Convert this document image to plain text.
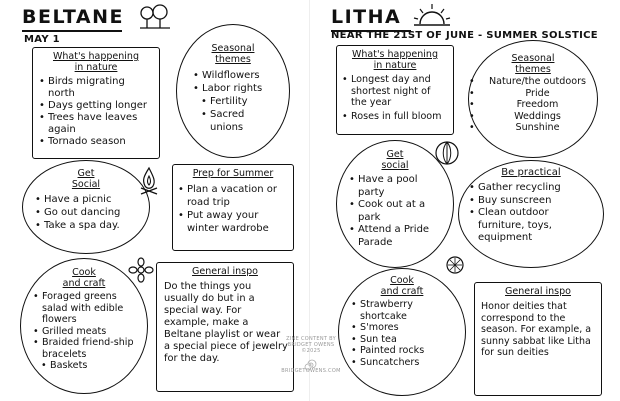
BELTANE
MAY 1
What's happening
in nature
• Birds migrating north
• Days getting longer
• Trees have leaves again
• Tornado season
Seasonal
themes
• Wildflowers
• Labor rights
• Fertility
• Sacred unions
Get
Social
• Have a picnic
• Go out dancing
• Take a spa day.
Prep for Summer
• Plan a vacation or road trip
• Put away your winter wardrobe
Cook
and craft
• Foraged greens salad with edible flowers
• Grilled meats
• Braided friend-ship bracelets
• Baskets
General inspo
Do the things you usually do but in a special way. For example, make a Beltane playlist or wear a special piece of jewelry for the day.
ZINE CONTENT BY
BRIDGET OWENS
©2025
BRIDGETOWENS.COM
LITHA
NEAR THE 21ST OF JUNE - SUMMER SOLSTICE
What's happening
in nature
• Longest day and shortest night of the year
• Roses in full bloom
Seasonal
themes
• Nature/the outdoors
• Pride
• Freedom
• Weddings
• Sunshine
Get
social
• Have a pool party
• Cook out at a park
• Attend a Pride Parade
Be practical
• Gather recycling
• Buy sunscreen
• Clean outdoor furniture, toys, equipment
Cook
and craft
• Strawberry shortcake
• S'mores
• Sun tea
• Painted rocks
• Suncatchers
General inspo
Honor deities that correspond to the season. For example, a sunny sabbat like Litha for sun deities
